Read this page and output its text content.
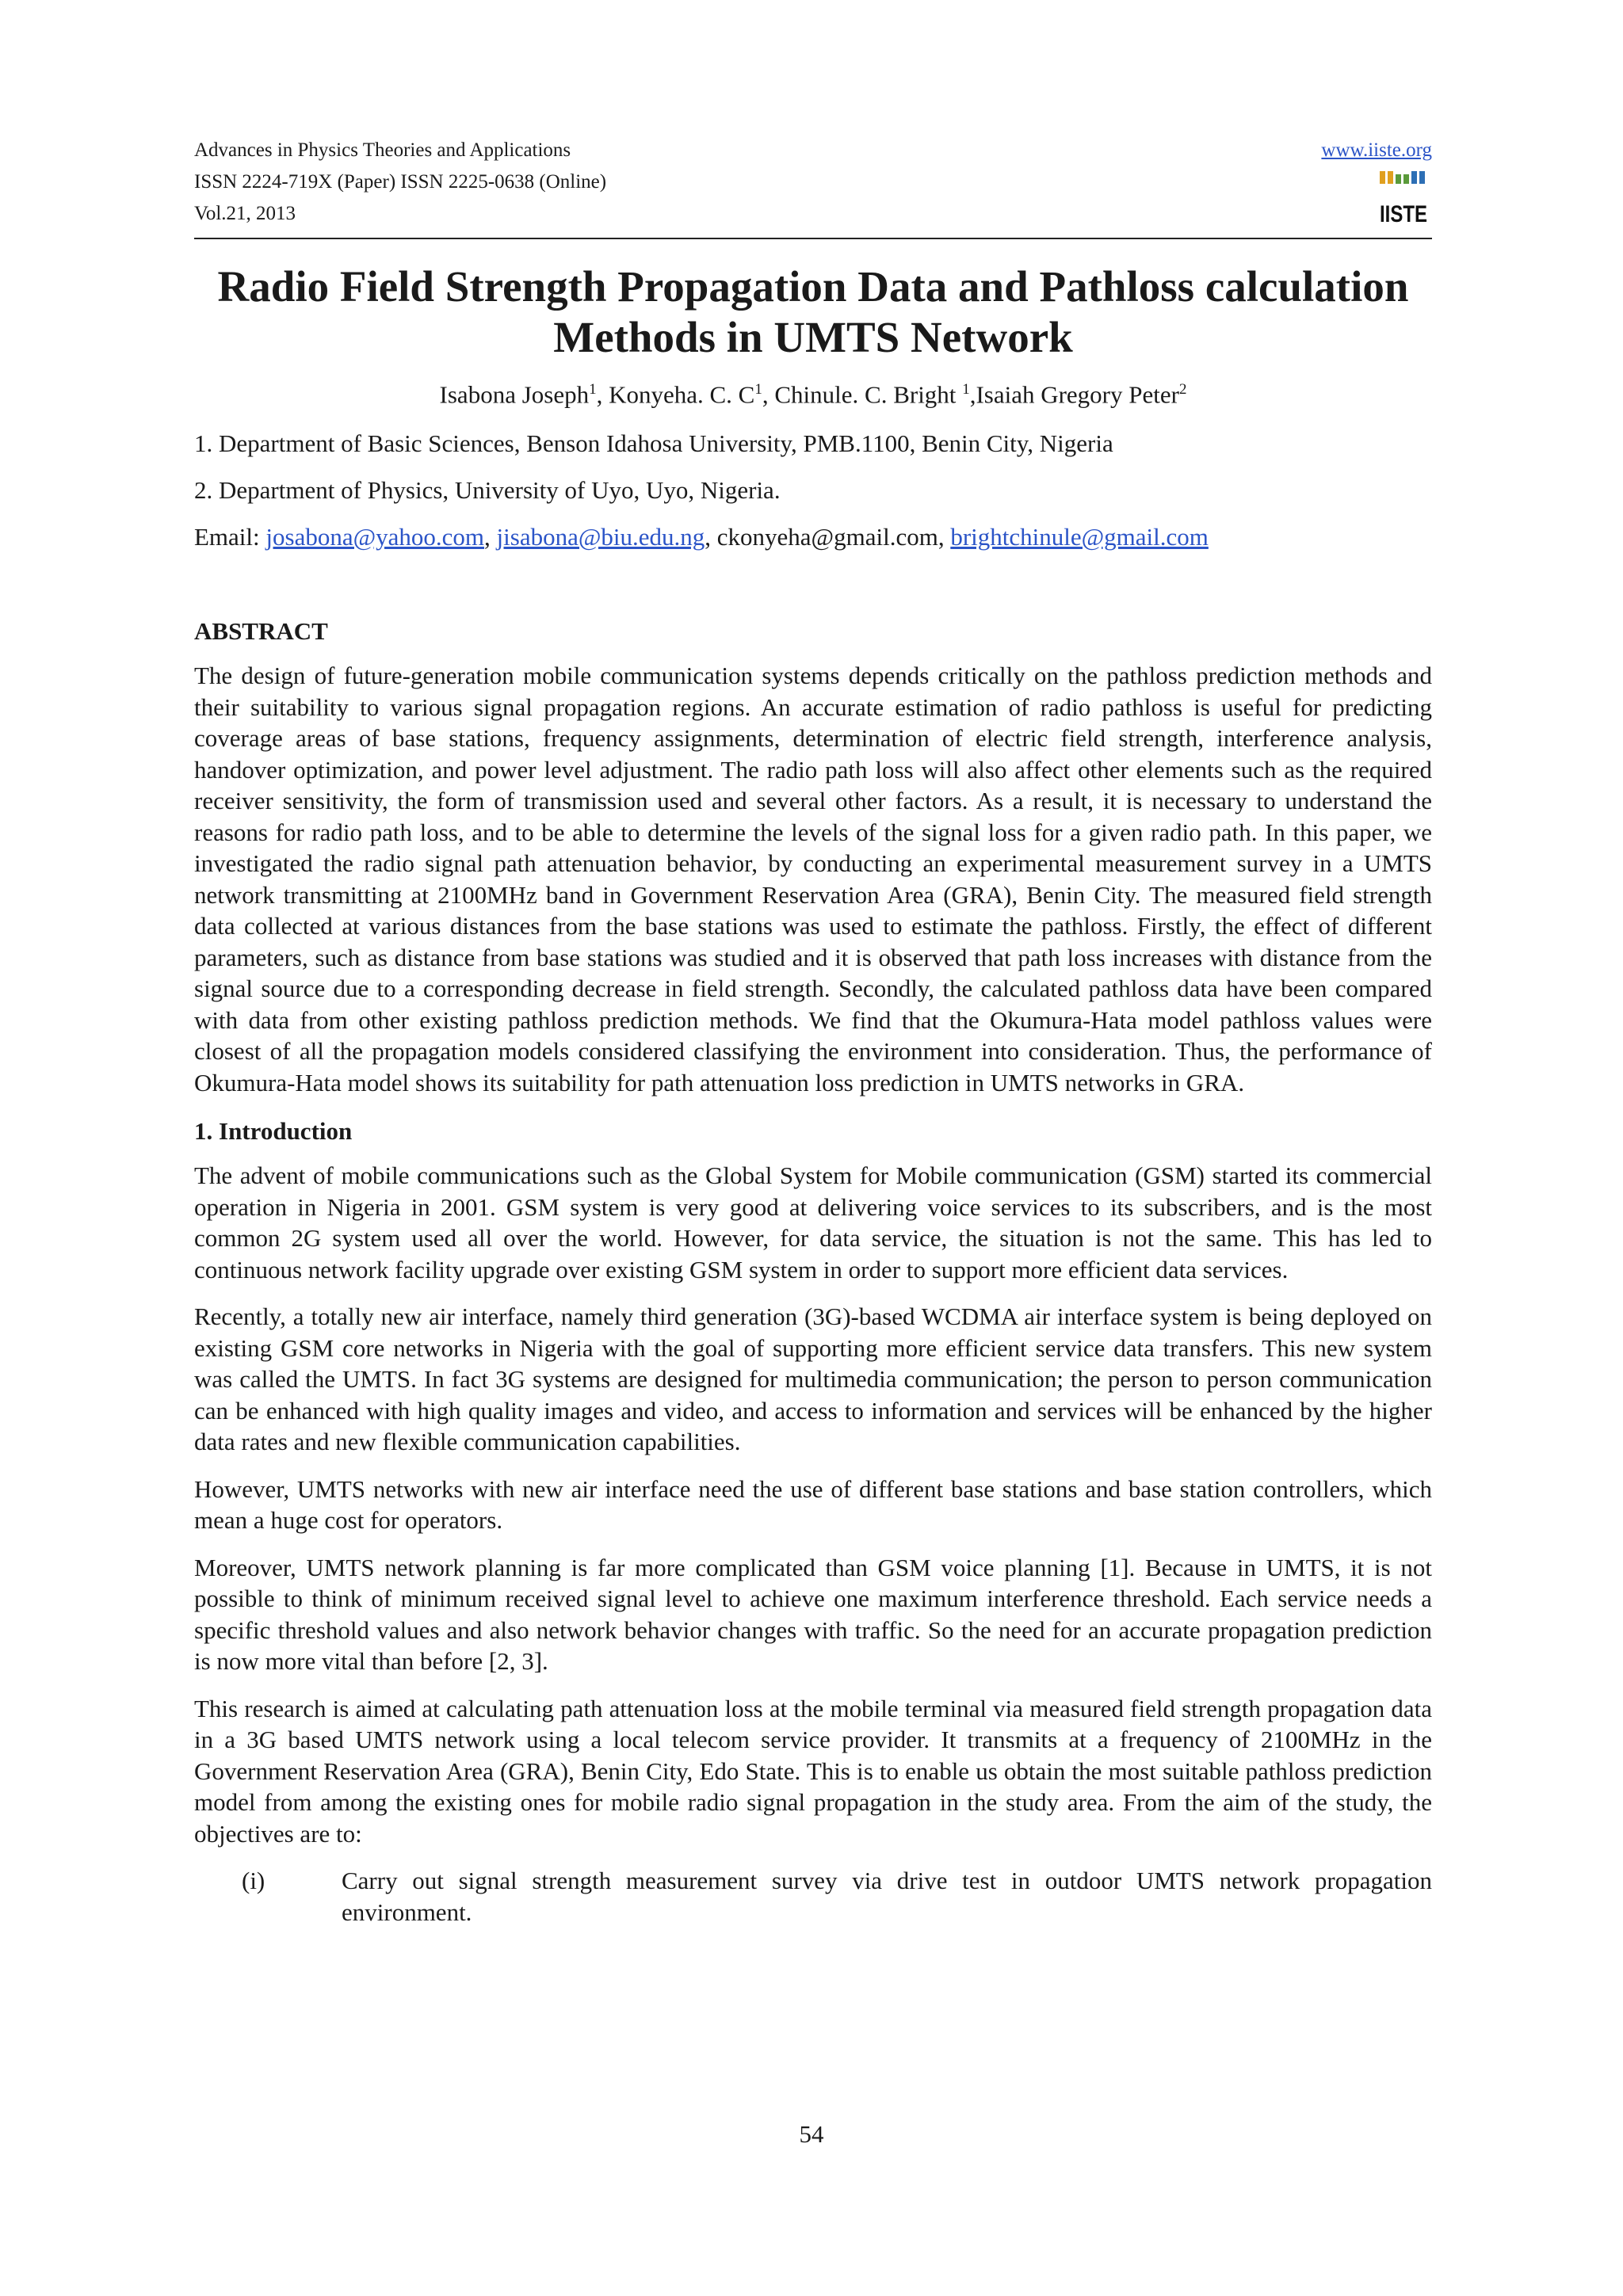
Advances in Physics Theories and Applications
ISSN 2224-719X (Paper) ISSN 2225-0638 (Online)
Vol.21, 2013
www.iiste.org
IISTE
Radio Field Strength Propagation Data and Pathloss calculation Methods in UMTS Network
Isabona Joseph$^1$, Konyeha. C. $C^1$, Chinule. C. Bright $^1$,Isaiah Gregory Peter$^2$
1. Department of Basic Sciences, Benson Idahosa University, PMB.1100, Benin City, Nigeria
2. Department of Physics, University of Uyo, Uyo, Nigeria.
Email: josabona@yahoo.com, jisabona@biu.edu.ng, ckonyeha@gmail.com, brightchinule@gmail.com
ABSTRACT

The design of future-generation mobile communication systems depends critically on the pathloss prediction methods and their suitability to various signal propagation regions. An accurate estimation of radio pathloss is useful for predicting coverage areas of base stations, frequency assignments, determination of electric field strength, interference analysis, handover optimization, and power level adjustment. The radio path loss will also affect other elements such as the required receiver sensitivity, the form of transmission used and several other factors. As a result, it is necessary to understand the reasons for radio path loss, and to be able to determine the levels of the signal loss for a given radio path. In this paper, we investigated the radio signal path attenuation behavior, by conducting an experimental measurement survey in a UMTS network transmitting at 2100MHz band in Government Reservation Area (GRA), Benin City. The measured field strength data collected at various distances from the base stations was used to estimate the pathloss. Firstly, the effect of different parameters, such as distance from base stations was studied and it is observed that path loss increases with distance from the signal source due to a corresponding decrease in field strength. Secondly, the calculated pathloss data have been compared with data from other existing pathloss prediction methods. We find that the Okumura-Hata model pathloss values were closest of all the propagation models considered classifying the environment into consideration. Thus, the performance of Okumura-Hata model shows its suitability for path attenuation loss prediction in UMTS networks in GRA.

1. Introduction

The advent of mobile communications such as the Global System for Mobile communication (GSM) started its commercial operation in Nigeria in 2001. GSM system is very good at delivering voice services to its subscribers, and is the most common 2G system used all over the world. However, for data service, the situation is not the same. This has led to continuous network facility upgrade over existing GSM system in order to support more efficient data services.

Recently, a totally new air interface, namely third generation (3G)-based WCDMA air interface system is being deployed on existing GSM core networks in Nigeria with the goal of supporting more efficient service data transfers. This new system was called the UMTS. In fact 3G systems are designed for multimedia communication; the person to person communication can be enhanced with high quality images and video, and access to information and services will be enhanced by the higher data rates and new flexible communication capabilities.

However, UMTS networks with new air interface need the use of different base stations and base station controllers, which mean a huge cost for operators.

Moreover, UMTS network planning is far more complicated than GSM voice planning [1]. Because in UMTS, it is not possible to think of minimum received signal level to achieve one maximum interference threshold. Each service needs a specific threshold values and also network behavior changes with traffic. So the need for an accurate propagation prediction is now more vital than before [2, 3].

This research is aimed at calculating path attenuation loss at the mobile terminal via measured field strength propagation data in a 3G based UMTS network using a local telecom service provider. It transmits at a frequency of 2100MHz in the Government Reservation Area (GRA), Benin City, Edo State. This is to enable us obtain the most suitable pathloss prediction model from among the existing ones for mobile radio signal propagation in the study area. From the aim of the study, the objectives are to:

(i)	Carry out signal strength measurement survey via drive test in outdoor UMTS network propagation environment.
54
